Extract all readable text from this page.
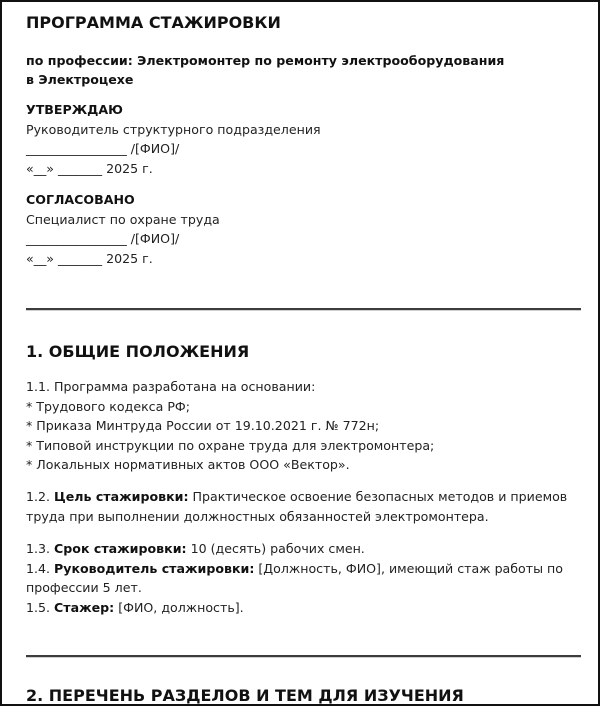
ПРОГРАММА СТАЖИРОВКИ
по профессии: Электромонтер по ремонту электрооборудования
в Электроцехе
УТВЕРЖДАЮ
Руководитель структурного подразделения
________________ /[ФИО]/
«__» _______ 2025 г.
СОГЛАСОВАНО
Специалист по охране труда
________________ /[ФИО]/
«__» _______ 2025 г.
1. ОБЩИЕ ПОЛОЖЕНИЯ
1.1. Программа разработана на основании:
* Трудового кодекса РФ;
* Приказа Минтруда России от 19.10.2021 г. № 772н;
* Типовой инструкции по охране труда для электромонтера;
* Локальных нормативных актов ООО «Вектор».
1.2. Цель стажировки: Практическое освоение безопасных методов и приемов труда при выполнении должностных обязанностей электромонтера.
1.3. Срок стажировки: 10 (десять) рабочих смен.
1.4. Руководитель стажировки: [Должность, ФИО], имеющий стаж работы по
профессии 5 лет.
1.5. Стажер: [ФИО, должность].
2. ПЕРЕЧЕНЬ РАЗДЕЛОВ И ТЕМ ДЛЯ ИЗУЧЕНИЯ
